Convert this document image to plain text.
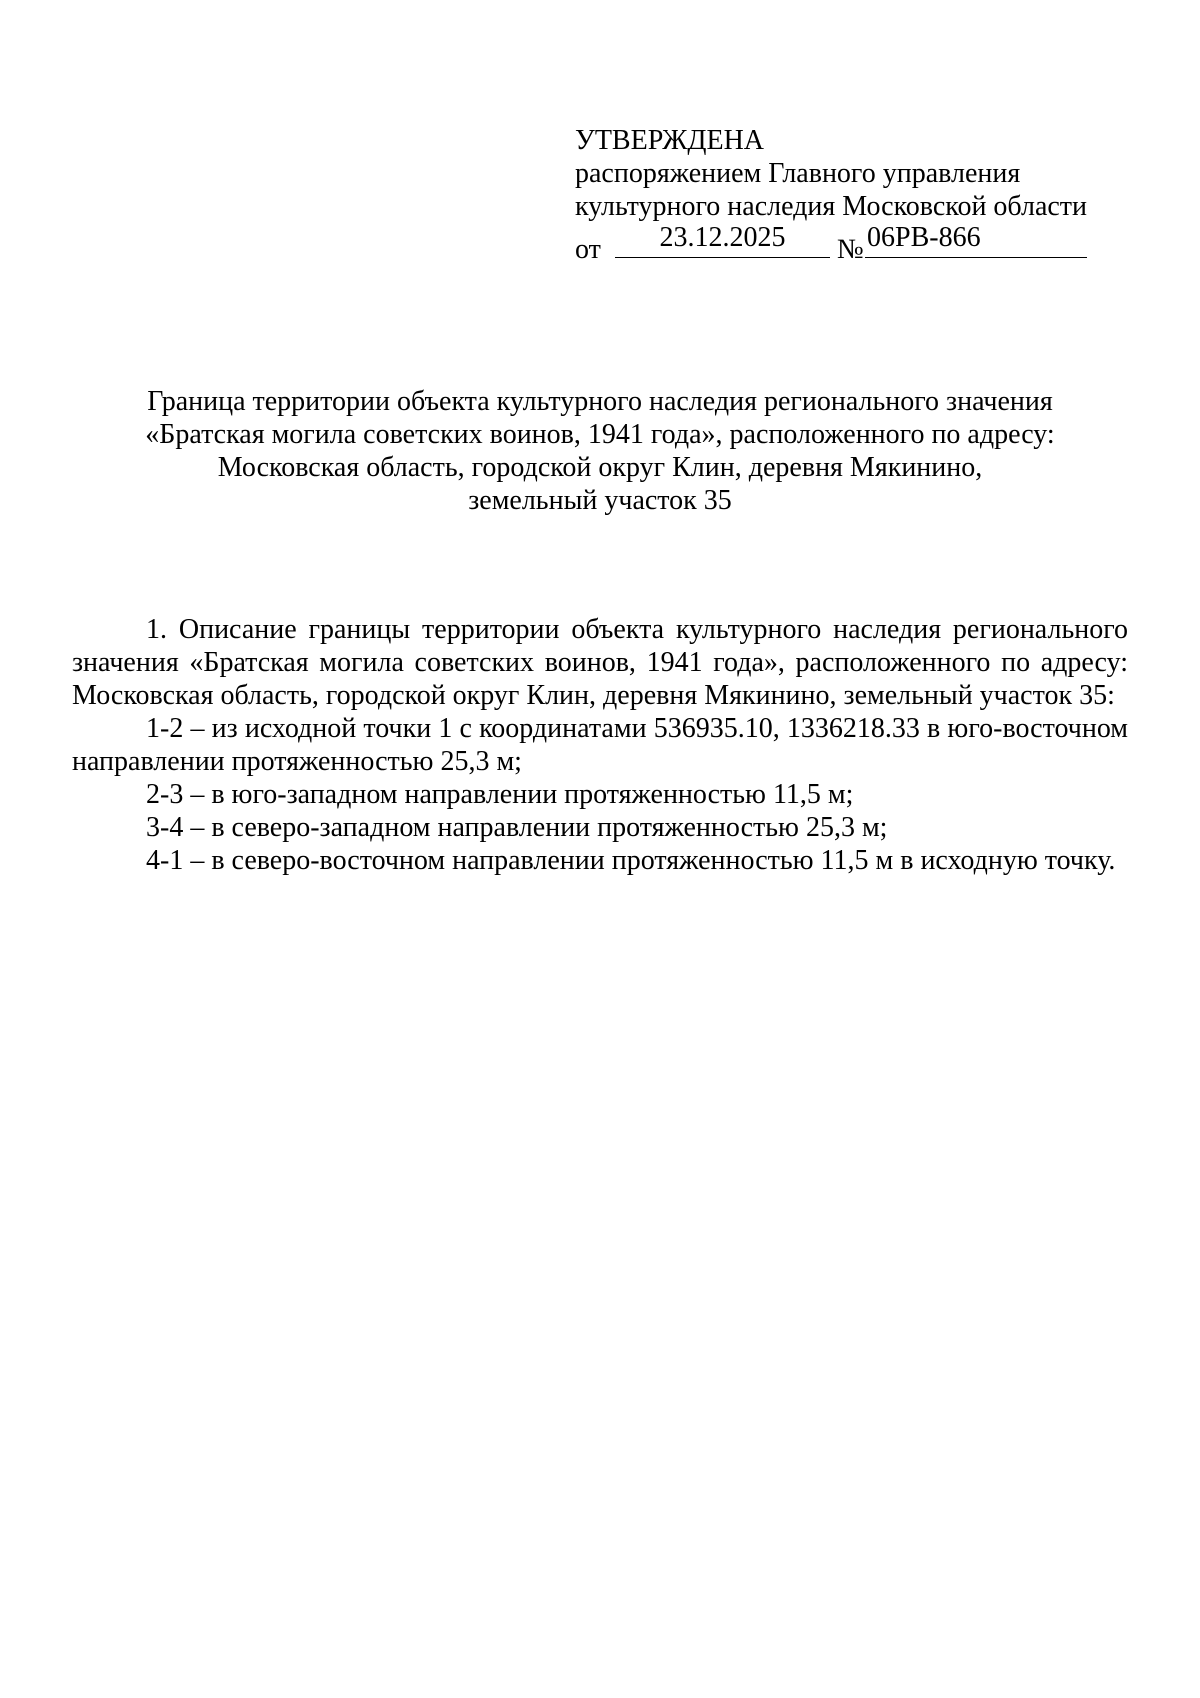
УТВЕРЖДЕНА
распоряжением Главного управления
культурного наследия Московской области
от	23.12.2025	№ 06РВ-866
Граница территории объекта культурного наследия регионального значения
«Братская могила советских воинов, 1941 года», расположенного по адресу:
Московская область, городской округ Клин, деревня Мякинино,
земельный участок 35

1. Описание границы территории объекта культурного наследия регионального значения «Братская могила советских воинов, 1941 года», расположенного по адресу: Московская область, городской округ Клин, деревня Мякинино, земельный участок 35:

1-2 – из исходной точки 1 с координатами 536935.10, 1336218.33 в юго-восточном направлении протяженностью 25,3 м;

2-3 – в юго-западном направлении протяженностью 11,5 м;

3-4 – в северо-западном направлении протяженностью 25,3 м;

4-1 – в северо-восточном направлении протяженностью 11,5 м в исходную точку.
